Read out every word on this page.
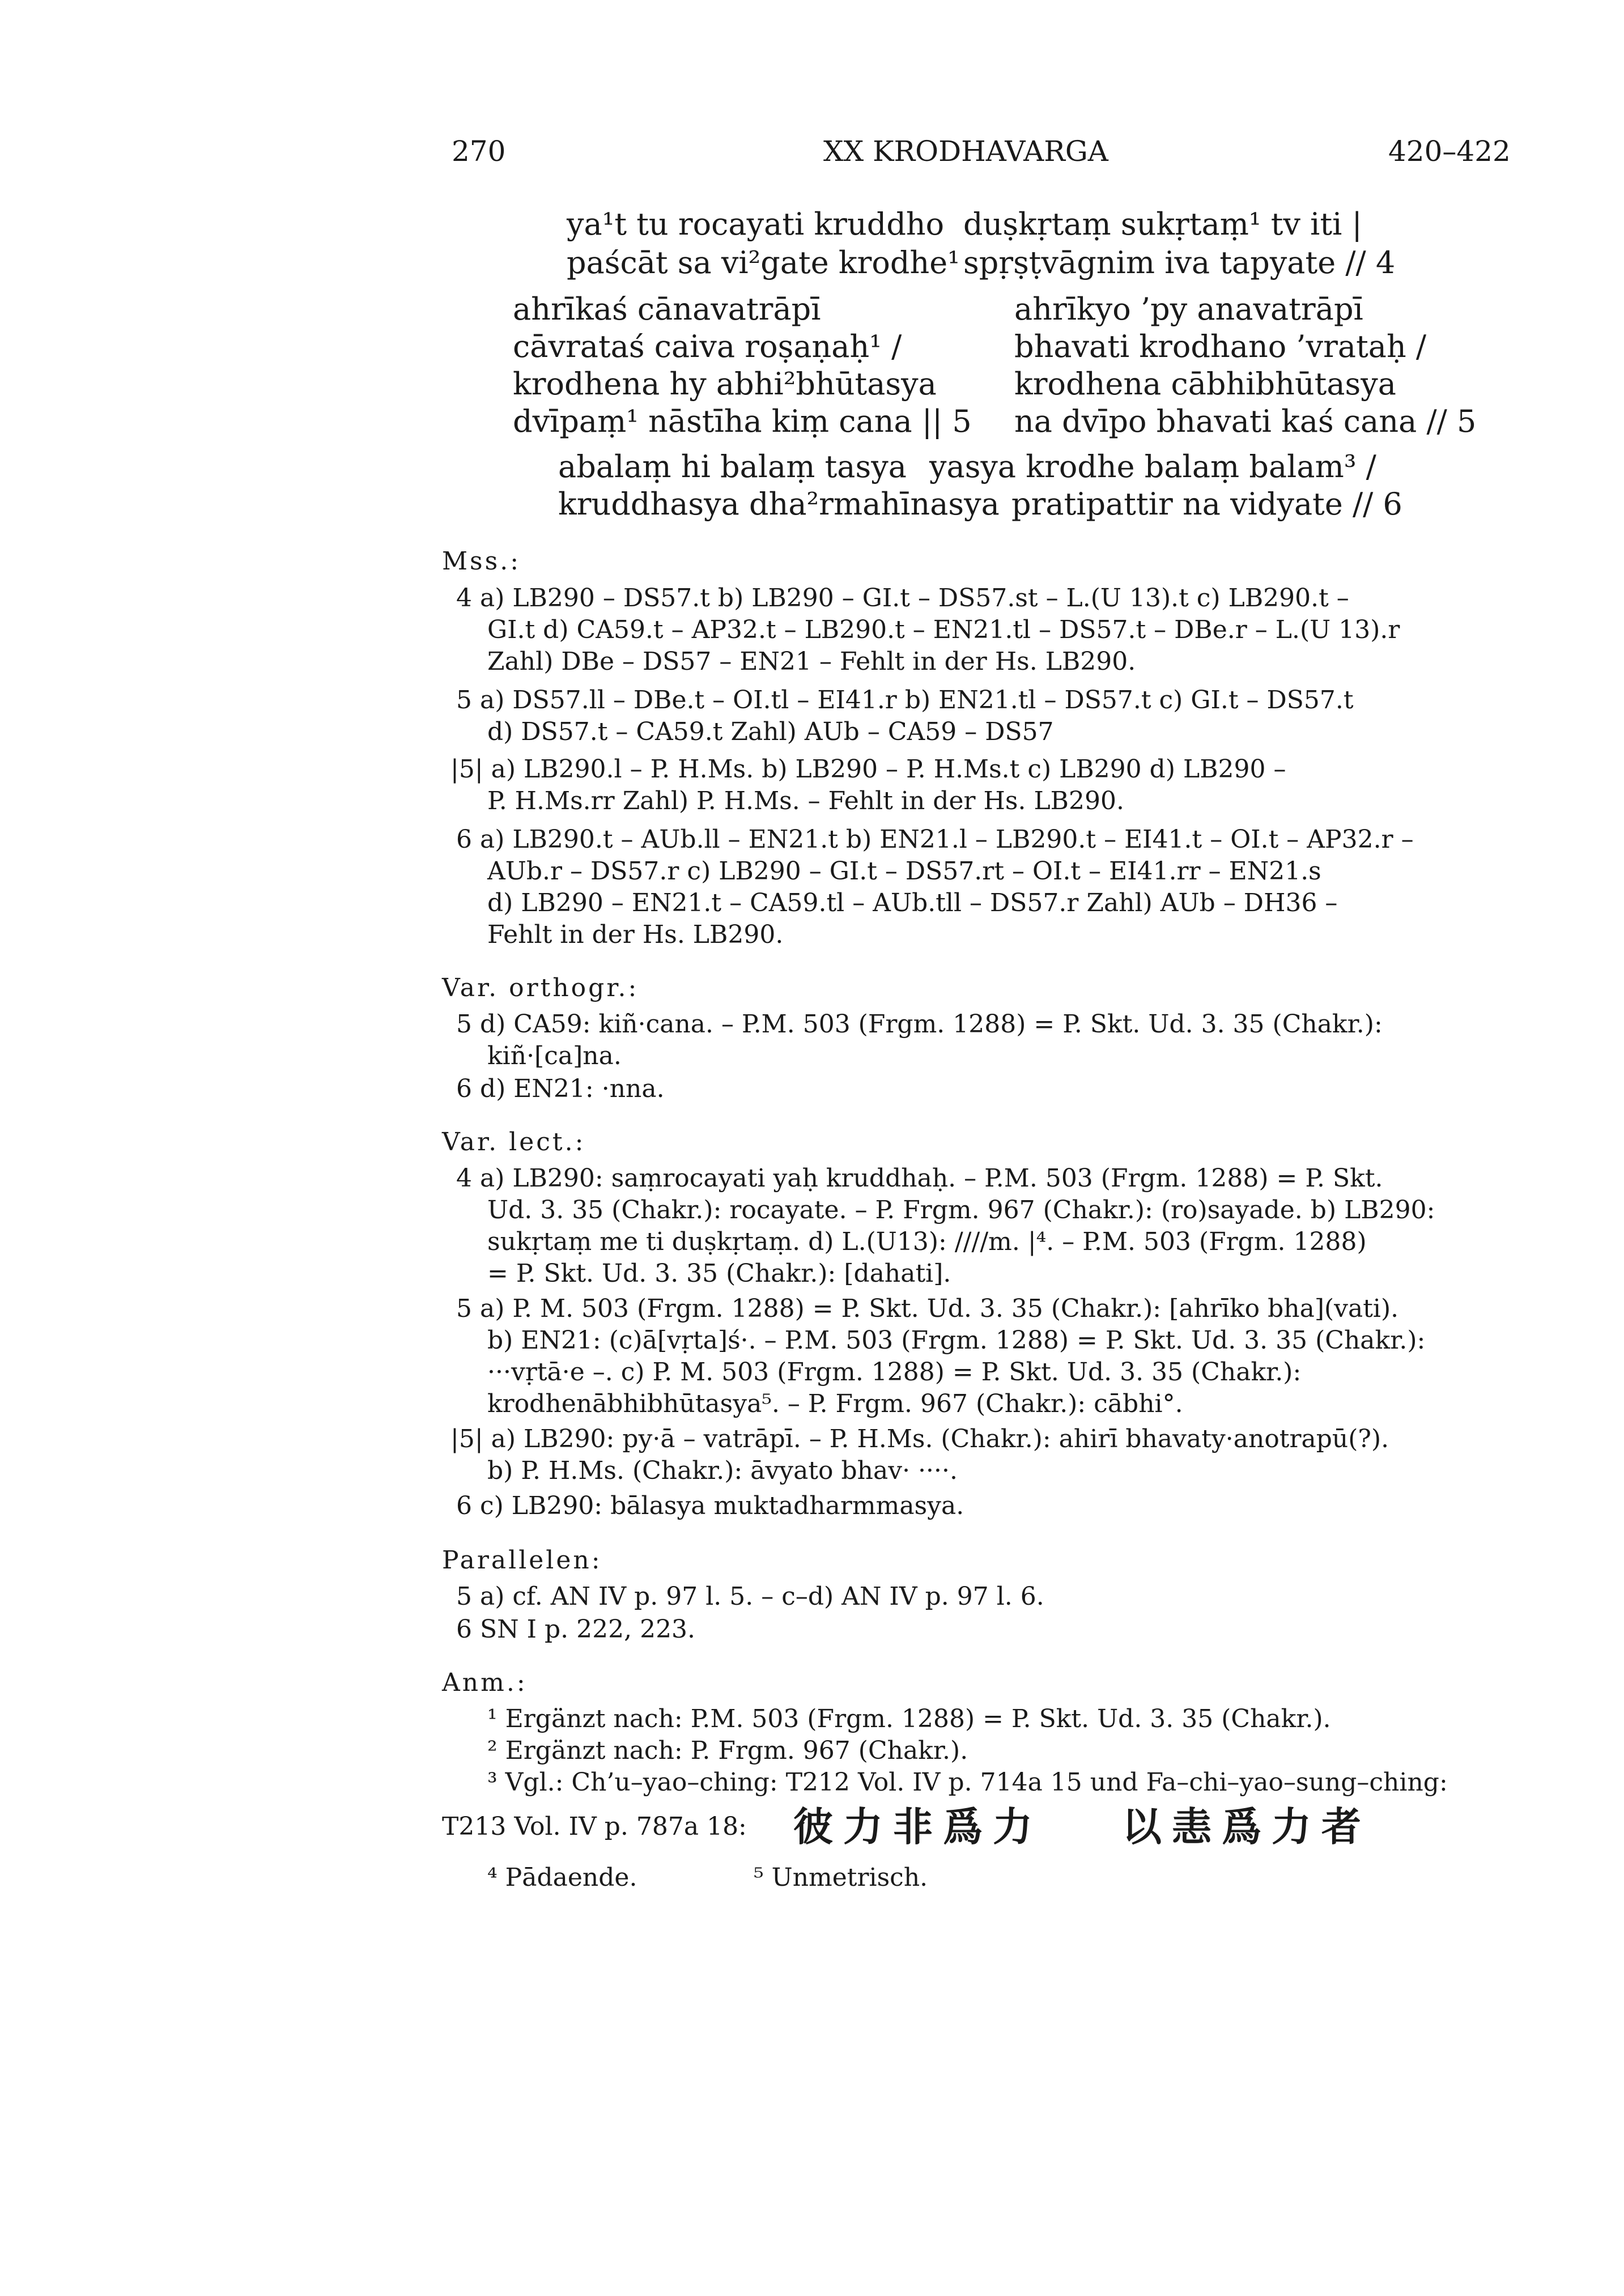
270	XX KRODHAVARGA	420–422
ya¹t tu rocayati kruddho duṣkṛtaṃ sukṛtaṃ¹ tv iti |
paścāt sa vi²gate krodhe¹ spṛṣṭvāgnim iva tapyate // 4
ahrīkaś cānavatrāpī	ahrīkyo ’py anavatrāpī
cāvrataś caiva roṣaṇaḥ¹ /	bhavati krodhano ’vrataḥ /
krodhena hy abhi²bhūtasya	krodhena cābhibhūtasya
dvīpaṃ¹ nāstīha kiṃ cana || 5 na dvīpo bhavati kaś cana // 5
abalaṃ hi balaṃ tasya yasya krodhe balaṃ balam³ /
kruddhasya dha²rmahīnasya pratipattir na vidyate // 6
Mss.:
4 a) LB290 – DS57.t b) LB290 – GI.t – DS57.st – L.(U 13).t c) LB290.t –
GI.t d) CA59.t – AP32.t – LB290.t – EN21.tl – DS57.t – DBe.r – L.(U 13).r
Zahl) DBe – DS57 – EN21 – Fehlt in der Hs. LB290.
5 a) DS57.ll – DBe.t – OI.tl – EI41.r b) EN21.tl – DS57.t c) GI.t – DS57.t
d) DS57.t – CA59.t Zahl) AUb – CA59 – DS57
|5| a) LB290.l – P. H.Ms. b) LB290 – P. H.Ms.t c) LB290 d) LB290 –
P. H.Ms.rr Zahl) P. H.Ms. – Fehlt in der Hs. LB290.
6 a) LB290.t – AUb.ll – EN21.t b) EN21.l – LB290.t – EI41.t – OI.t – AP32.r –
AUb.r – DS57.r c) LB290 – GI.t – DS57.rt – OI.t – EI41.rr – EN21.s
d) LB290 – EN21.t – CA59.tl – AUb.tll – DS57.r Zahl) AUb – DH36 –
Fehlt in der Hs. LB290.
Var. orthogr.:
5 d) CA59: kiñ·cana. – P.M. 503 (Frgm. 1288) = P. Skt. Ud. 3. 35 (Chakr.):
kiñ·[ca]na.
6 d) EN21: ·nna.
Var. lect.:
4 a) LB290: saṃrocayati yaḥ kruddhaḥ. – P.M. 503 (Frgm. 1288) = P. Skt.
Ud. 3. 35 (Chakr.): rocayate. – P. Frgm. 967 (Chakr.): (ro)sayade. b) LB290:
sukṛtaṃ me ti duṣkṛtaṃ. d) L.(U13): ////m. |⁴. – P.M. 503 (Frgm. 1288)
= P. Skt. Ud. 3. 35 (Chakr.): [dahati].
5 a) P. M. 503 (Frgm. 1288) = P. Skt. Ud. 3. 35 (Chakr.): [ahrīko bha](vati).
b) EN21: (c)ā[vṛta]ś·. – P.M. 503 (Frgm. 1288) = P. Skt. Ud. 3. 35 (Chakr.):
···vṛtā·e –. c) P. M. 503 (Frgm. 1288) = P. Skt. Ud. 3. 35 (Chakr.):
krodhenābhibhūtasya⁵. – P. Frgm. 967 (Chakr.): cābhi°.
|5| a) LB290: py·ā – vatrāpī. – P. H.Ms. (Chakr.): ahirī bhavaty·anotrapū(?).
b) P. H.Ms. (Chakr.): āvyato bhav· ····.
6 c) LB290: bālasya muktadharmmasya.
Parallelen:
5 a) cf. AN IV p. 97 l. 5. – c–d) AN IV p. 97 l. 6.
6 SN I p. 222, 223.
Anm.:
¹ Ergänzt nach: P.M. 503 (Frgm. 1288) = P. Skt. Ud. 3. 35 (Chakr.).
² Ergänzt nach: P. Frgm. 967 (Chakr.).
³ Vgl.: Ch’u–yao–ching: T212 Vol. IV p. 714a 15 und Fa–chi–yao–sung–ching:
T213 Vol. IV p. 787a 18: 彼力非爲力 以恚爲力者
⁴ Pādaende.	⁵ Unmetrisch.
